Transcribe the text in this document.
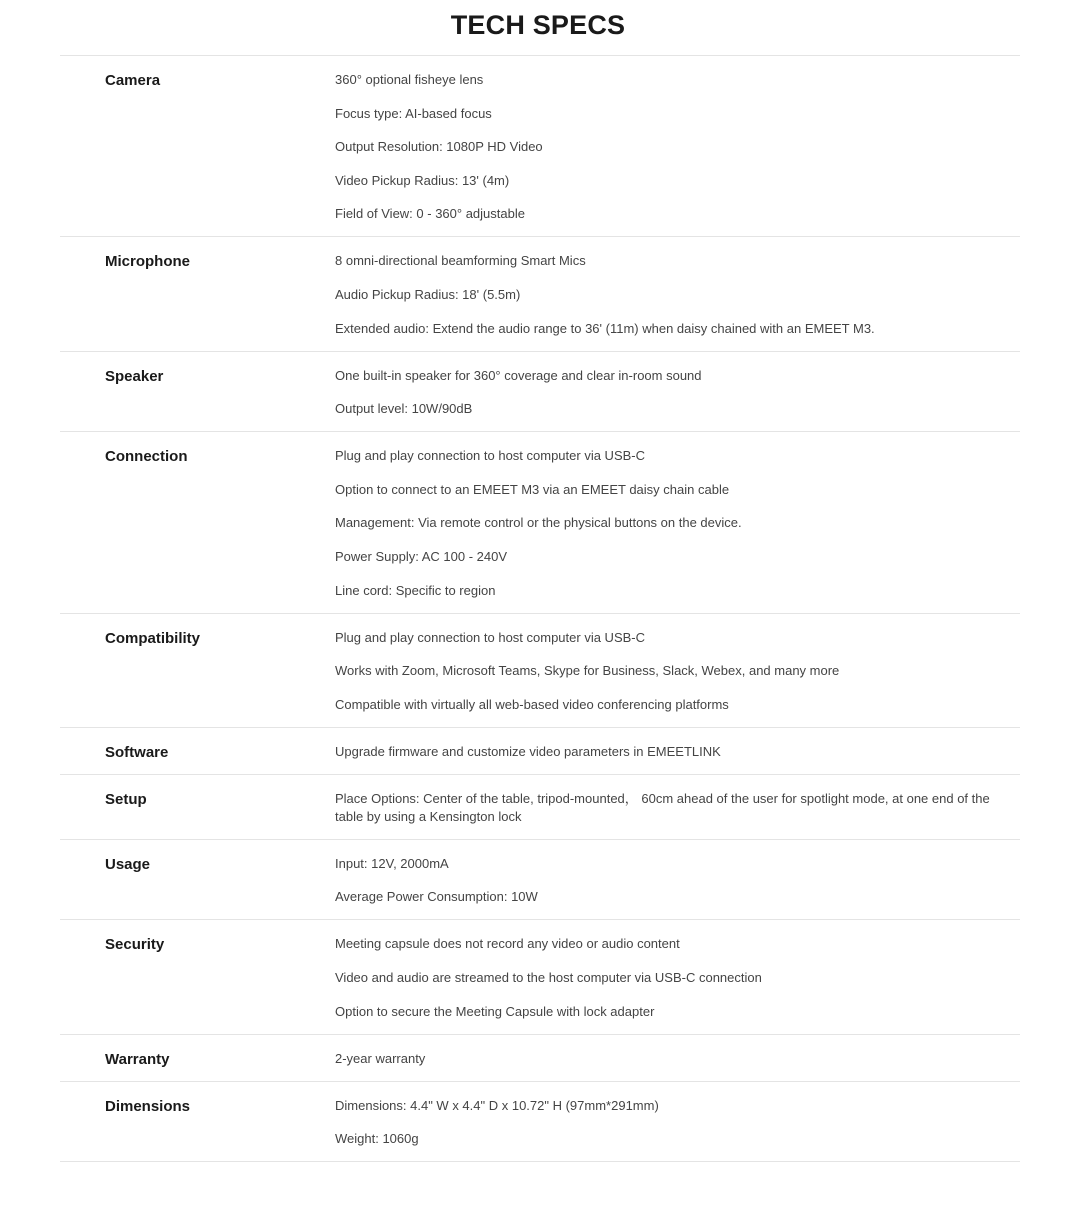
TECH SPECS
Camera	360° optional fisheye lens
Focus type: AI-based focus
Output Resolution: 1080P HD Video
Video Pickup Radius: 13' (4m)
Field of View: 0 - 360° adjustable
Microphone	8 omni-directional beamforming Smart Mics
Audio Pickup Radius: 18' (5.5m)
Extended audio: Extend the audio range to 36' (11m) when daisy chained with an EMEET M3.
Speaker	One built-in speaker for 360° coverage and clear in-room sound
Output level: 10W/90dB
Connection	Plug and play connection to host computer via USB-C
Option to connect to an EMEET M3 via an EMEET daisy chain cable
Management: Via remote control or the physical buttons on the device.
Power Supply: AC 100 - 240V
Line cord: Specific to region
Compatibility	Plug and play connection to host computer via USB-C
Works with Zoom, Microsoft Teams, Skype for Business, Slack, Webex, and many more
Compatible with virtually all web-based video conferencing platforms
Software	Upgrade firmware and customize video parameters in EMEETLINK
Setup	Place Options: Center of the table, tripod-mounted， 60cm ahead of the user for spotlight mode, at one end of the table by using a Kensington lock
Usage	Input: 12V, 2000mA
Average Power Consumption: 10W
Security	Meeting capsule does not record any video or audio content
Video and audio are streamed to the host computer via USB-C connection
Option to secure the Meeting Capsule with lock adapter
Warranty	2-year warranty
Dimensions	Dimensions: 4.4" W x 4.4" D x 10.72" H (97mm*291mm)
Weight: 1060g
